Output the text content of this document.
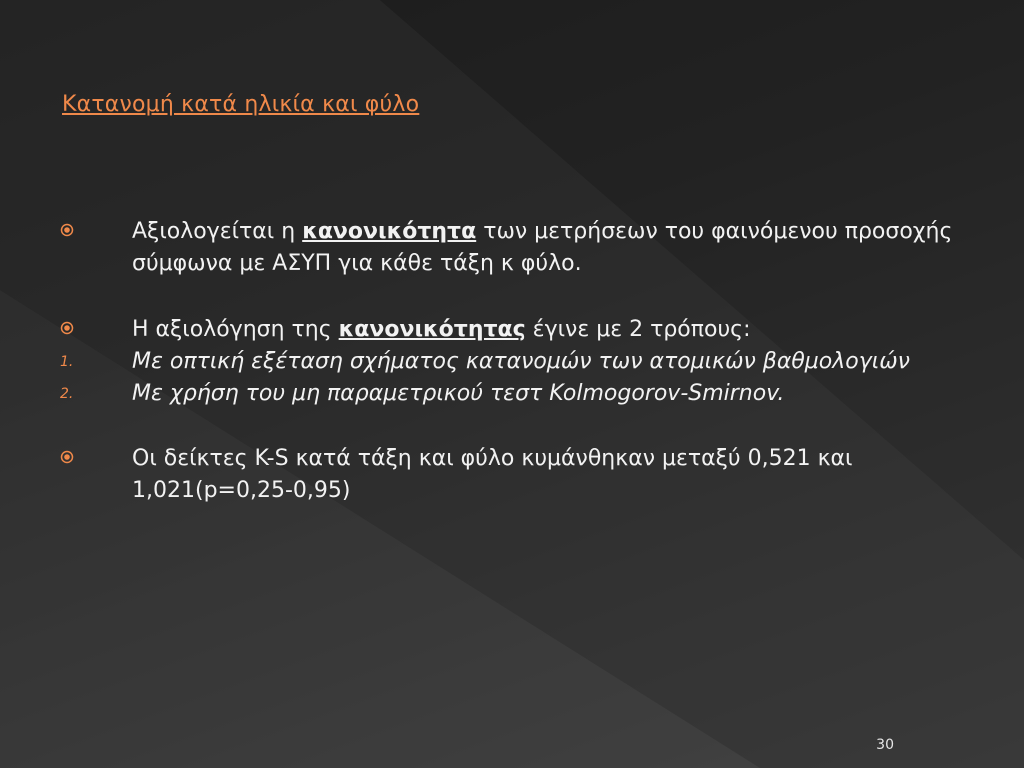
Κατανομή κατά ηλικία και φύλο
Αξιολογείται η κανονικότητα των μετρήσεων του φαινόμενου προσοχής σύμφωνα με ΑΣΥΠ για κάθε τάξη κ φύλο.
Η αξιολόγηση της κανονικότητας έγινε με 2 τρόπους:
1.	Με οπτική εξέταση σχήματος κατανομών των ατομικών βαθμολογιών
2.	Με χρήση του μη παραμετρικού τεστ Kolmogorov-Smirnov.
Οι δείκτες K-S κατά τάξη και φύλο κυμάνθηκαν μεταξύ 0,521 και 1,021(p=0,25-0,95)
30
